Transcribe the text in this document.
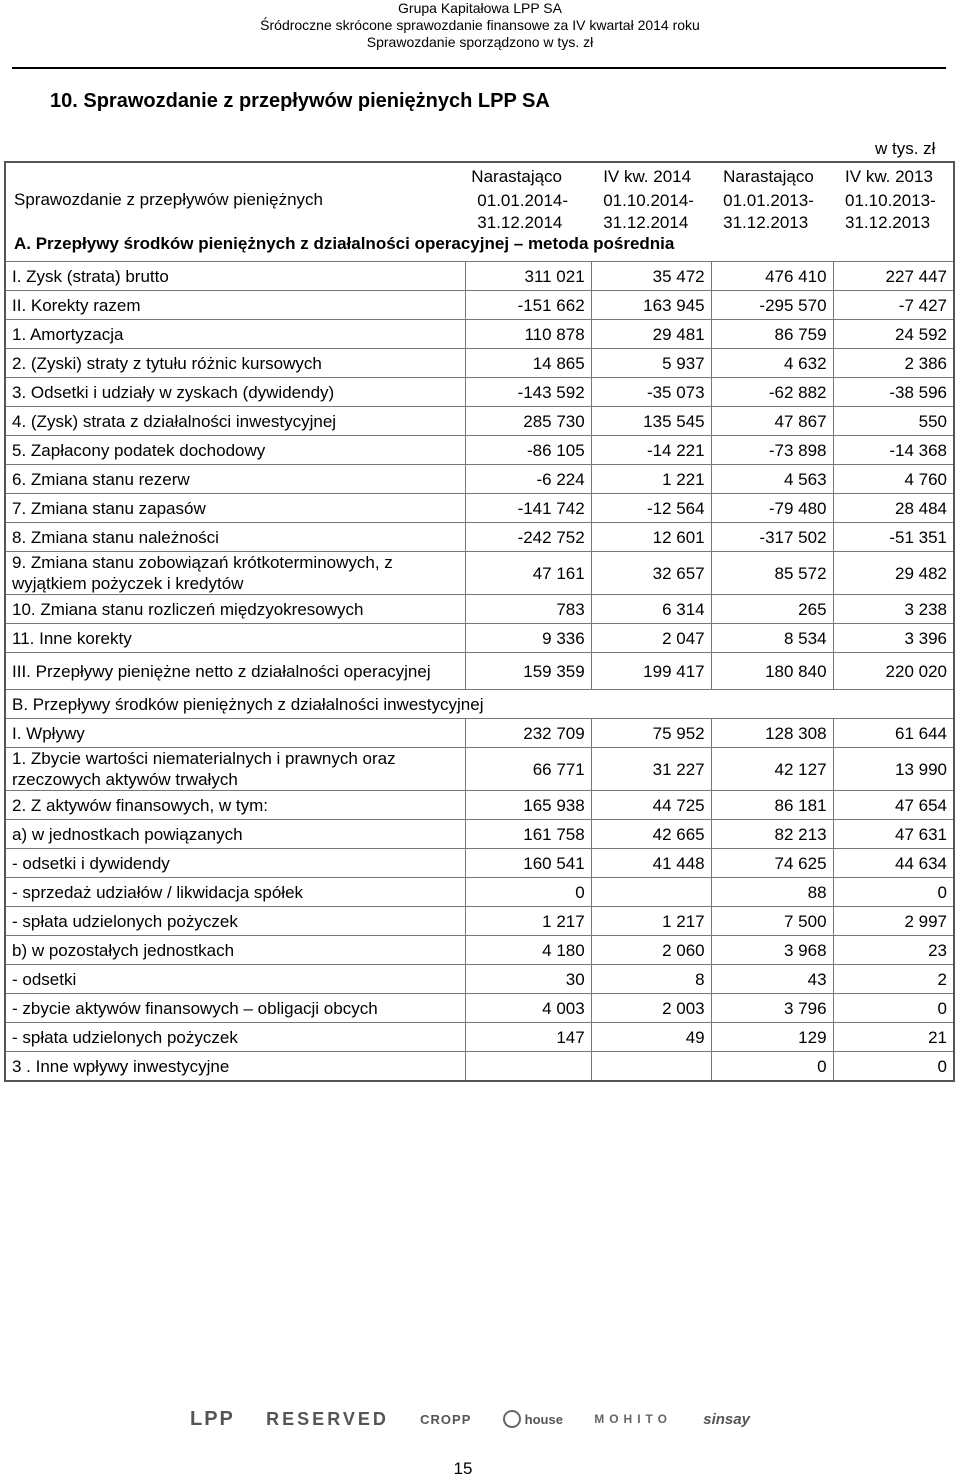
Grupa Kapitałowa LPP SA
Śródroczne skrócone sprawozdanie finansowe za IV kwartał 2014 roku
Sprawozdanie sporządzono w tys. zł
10. Sprawozdanie z przepływów pieniężnych LPP SA
w tys. zł
	Narastająco	IV kw. 2014	Narastająco	IV kw. 2013
Sprawozdanie z przepływów pieniężnych	01.01.2014-	01.10.2014-	01.01.2013-	01.10.2013-
	31.12.2014	31.12.2014	31.12.2013	31.12.2013
A. Przepływy środków pieniężnych z działalności operacyjnej – metoda pośrednia				
I. Zysk (strata) brutto	311 021	35 472	476 410	227 447
II. Korekty razem	-151 662	163 945	-295 570	-7 427
1. Amortyzacja	110 878	29 481	86 759	24 592
2. (Zyski) straty z tytułu różnic kursowych	14 865	5 937	4 632	2 386
3. Odsetki i udziały w zyskach (dywidendy)	-143 592	-35 073	-62 882	-38 596
4. (Zysk) strata z działalności inwestycyjnej	285 730	135 545	47 867	550
5. Zapłacony podatek dochodowy	-86 105	-14 221	-73 898	-14 368
6. Zmiana stanu rezerw	-6 224	1 221	4 563	4 760
7. Zmiana stanu zapasów	-141 742	-12 564	-79 480	28 484
8. Zmiana stanu należności	-242 752	12 601	-317 502	-51 351
9. Zmiana stanu zobowiązań krótkoterminowych, z wyjątkiem pożyczek i kredytów	47 161	32 657	85 572	29 482
10. Zmiana stanu rozliczeń międzyokresowych	783	6 314	265	3 238
11. Inne korekty	9 336	2 047	8 534	3 396
III. Przepływy pieniężne netto z działalności operacyjnej	159 359	199 417	180 840	220 020
B. Przepływy środków pieniężnych z działalności inwestycyjnej				
I. Wpływy	232 709	75 952	128 308	61 644
1. Zbycie wartości niematerialnych i prawnych oraz rzeczowych aktywów trwałych	66 771	31 227	42 127	13 990
2. Z aktywów finansowych, w tym:	165 938	44 725	86 181	47 654
a) w jednostkach powiązanych	161 758	42 665	82 213	47 631
- odsetki i dywidendy	160 541	41 448	74 625	44 634
- sprzedaż udziałów / likwidacja spółek	0		88	0
- spłata udzielonych pożyczek	1 217	1 217	7 500	2 997
b) w pozostałych jednostkach	4 180	2 060	3 968	23
- odsetki	30	8	43	2
- zbycie aktywów finansowych – obligacji obcych	4 003	2 003	3 796	0
- spłata udzielonych pożyczek	147	49	129	21
3 . Inne wpływy inwestycyjne			0	0
LPP RESERVED CROPP	house	MOHITO sinsay
15
